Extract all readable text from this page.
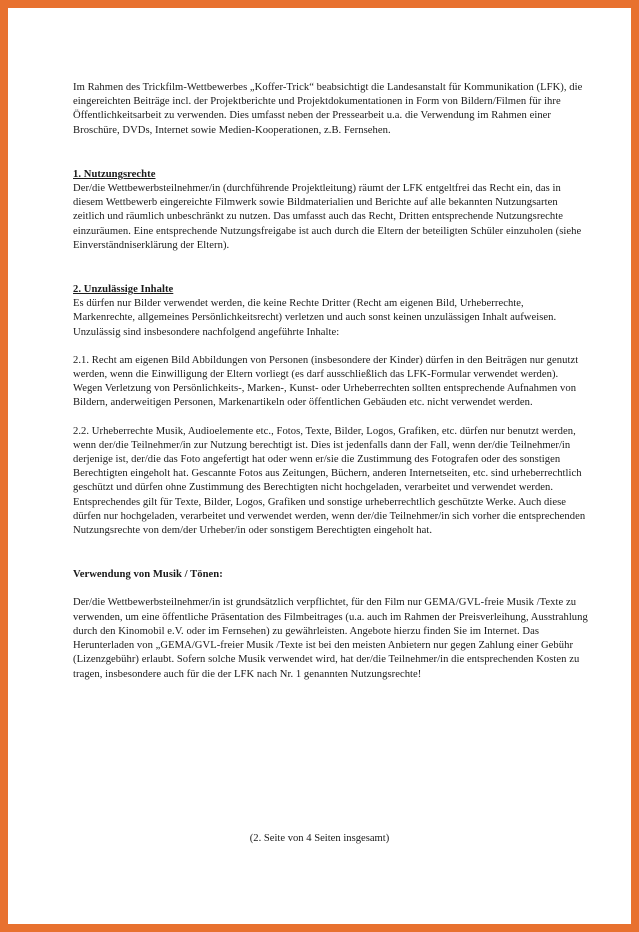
Im Rahmen des Trickfilm-Wettbewerbes „Koffer-Trick“ beabsichtigt die Landesanstalt für Kommunikation (LFK), die eingereichten Beiträge incl. der Projektberichte und Projektdokumentationen in Form von Bildern/Filmen für ihre Öffentlichkeitsarbeit zu verwenden. Dies umfasst neben der Pressearbeit u.a. die Verwendung im Rahmen einer Broschüre, DVDs, Internet sowie Medien-Kooperationen, z.B. Fernsehen.

1. Nutzungsrechte

Der/die Wettbewerbsteilnehmer/in (durchführende Projektleitung) räumt der LFK entgeltfrei das Recht ein, das in diesem Wettbewerb eingereichte Filmwerk sowie Bildmaterialien und Berichte auf alle bekannten Nutzungsarten zeitlich und räumlich unbeschränkt zu nutzen. Das umfasst auch das Recht, Dritten entsprechende Nutzungsrechte einzuräumen. Eine entsprechende Nutzungsfreigabe ist auch durch die Eltern der beteiligten Schüler einzuholen (siehe Einverständniserklärung der Eltern).

2. Unzulässige Inhalte

Es dürfen nur Bilder verwendet werden, die keine Rechte Dritter (Recht am eigenen Bild, Urheberrechte, Markenrechte, allgemeines Persönlichkeitsrecht) verletzen und auch sonst keinen unzulässigen Inhalt aufweisen. Unzulässig sind insbesondere nachfolgend angeführte Inhalte:

2.1. Recht am eigenen Bild Abbildungen von Personen (insbesondere der Kinder) dürfen in den Beiträgen nur genutzt werden, wenn die Einwilligung der Eltern vorliegt (es darf ausschließlich das LFK-Formular verwendet werden). Wegen Verletzung von Persönlichkeits-, Marken-, Kunst- oder Urheberrechten sollten entsprechende Aufnahmen von Bildern, anderweitigen Personen, Markenartikeln oder öffentlichen Gebäuden etc. nicht verwendet werden.

2.2. Urheberrechte Musik, Audioelemente etc., Fotos, Texte, Bilder, Logos, Grafiken, etc. dürfen nur benutzt werden, wenn der/die Teilnehmer/in zur Nutzung berechtigt ist. Dies ist jedenfalls dann der Fall, wenn der/die Teilnehmer/in derjenige ist, der/die das Foto angefertigt hat oder wenn er/sie die Zustimmung des Fotografen oder des sonstigen Berechtigten eingeholt hat. Gescannte Fotos aus Zeitungen, Büchern, anderen Internetseiten, etc. sind urheberrechtlich geschützt und dürfen ohne Zustimmung des Berechtigten nicht hochgeladen, verarbeitet und verwendet werden. Entsprechendes gilt für Texte, Bilder, Logos, Grafiken und sonstige urheberrechtlich geschützte Werke. Auch diese dürfen nur hochgeladen, verarbeitet und verwendet werden, wenn der/die Teilnehmer/in sich vorher die entsprechenden Nutzungsrechte von dem/der Urheber/in oder sonstigem Berechtigten eingeholt hat.

Verwendung von Musik / Tönen:

Der/die Wettbewerbsteilnehmer/in ist grundsätzlich verpflichtet, für den Film nur GEMA/GVL-freie Musik /Texte zu verwenden, um eine öffentliche Präsentation des Filmbeitrages (u.a. auch im Rahmen der Preisverleihung, Ausstrahlung durch den Kinomobil e.V. oder im Fernsehen) zu gewährleisten. Angebote hierzu finden Sie im Internet. Das Herunterladen von „GEMA/GVL-freier Musik /Texte ist bei den meisten Anbietern nur gegen Zahlung einer Gebühr (Lizenzgebühr) erlaubt. Sofern solche Musik verwendet wird, hat der/die Teilnehmer/in die entsprechenden Kosten zu tragen, insbesondere auch für die der LFK nach Nr. 1 genannten Nutzungsrechte!

(2. Seite von 4 Seiten insgesamt)
